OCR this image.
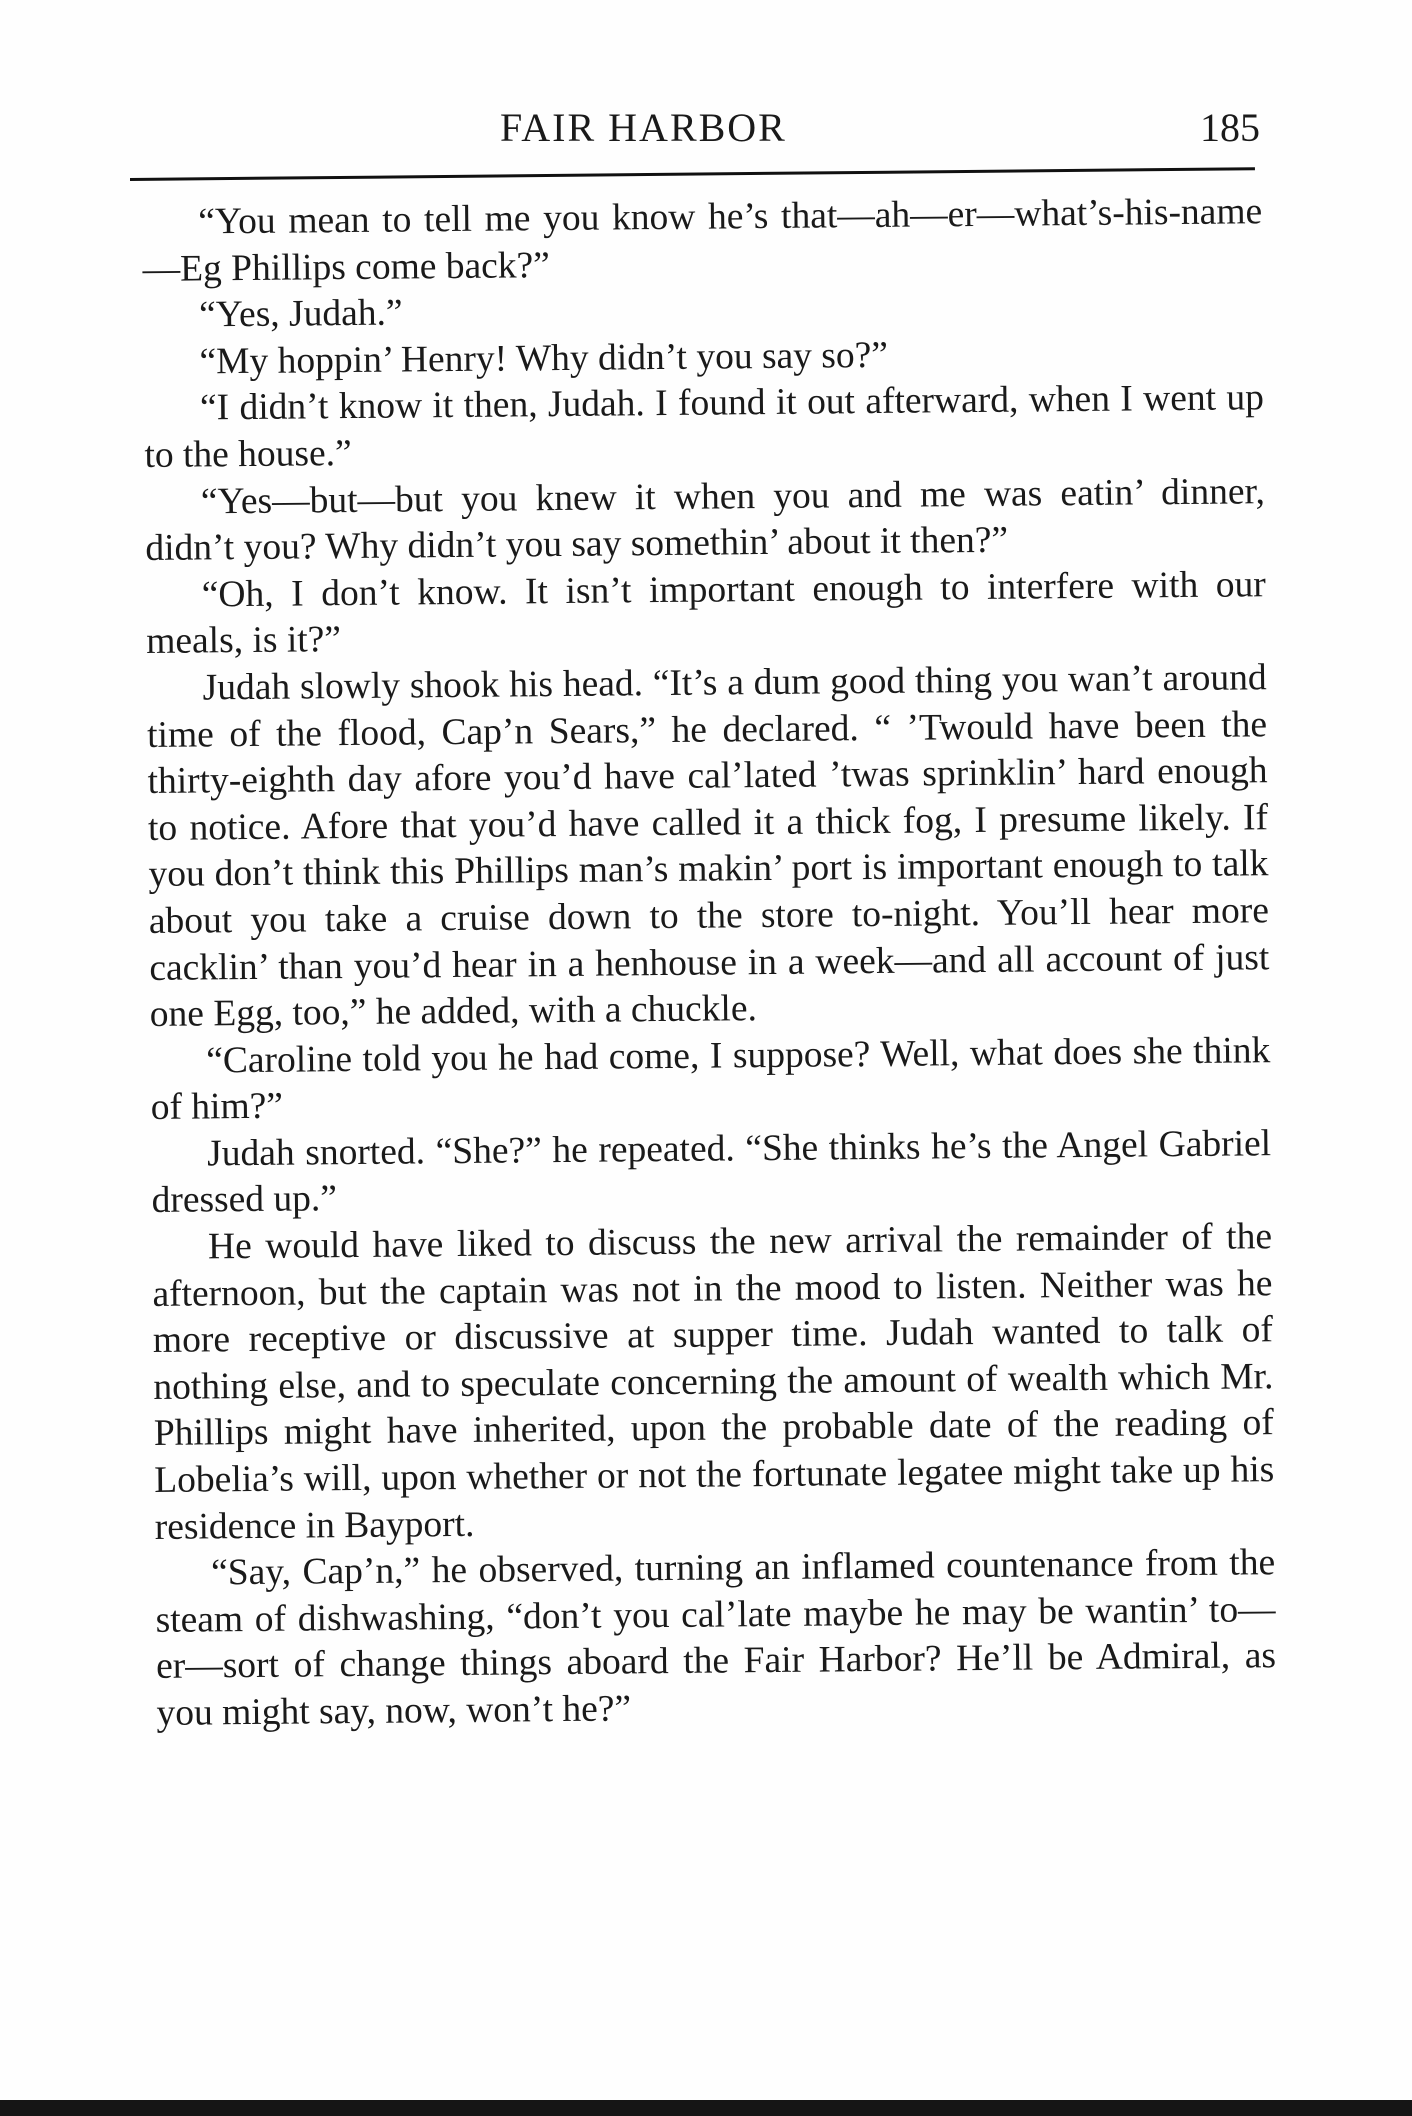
FAIR HARBOR	185

“You mean to tell me you know he’s that—ah—er—what’s-his-name—Eg Phillips come back?”

“Yes, Judah.”

“My hoppin’ Henry! Why didn’t you say so?”

“I didn’t know it then, Judah. I found it out afterward, when I went up to the house.”

“Yes—but—but you knew it when you and me was eatin’ dinner, didn’t you? Why didn’t you say somethin’ about it then?”

“Oh, I don’t know. It isn’t important enough to interfere with our meals, is it?”

Judah slowly shook his head. “It’s a dum good thing you wan’t around time of the flood, Cap’n Sears,” he declared. “ ’Twould have been the thirty-eighth day afore you’d have cal’lated ’twas sprinklin’ hard enough to notice. Afore that you’d have called it a thick fog, I presume likely. If you don’t think this Phillips man’s makin’ port is important enough to talk about you take a cruise down to the store to-night. You’ll hear more cacklin’ than you’d hear in a henhouse in a week—and all account of just one Egg, too,” he added, with a chuckle.

“Caroline told you he had come, I suppose? Well, what does she think of him?”

Judah snorted. “She?” he repeated. “She thinks he’s the Angel Gabriel dressed up.”

He would have liked to discuss the new arrival the remainder of the afternoon, but the captain was not in the mood to listen. Neither was he more receptive or discussive at supper time. Judah wanted to talk of nothing else, and to speculate concerning the amount of wealth which Mr. Phillips might have inherited, upon the probable date of the reading of Lobelia’s will, upon whether or not the fortunate legatee might take up his residence in Bayport.

“Say, Cap’n,” he observed, turning an inflamed countenance from the steam of dishwashing, “don’t you cal’late maybe he may be wantin’ to—er—sort of change things aboard the Fair Harbor? He’ll be Admiral, as you might say, now, won’t he?”
